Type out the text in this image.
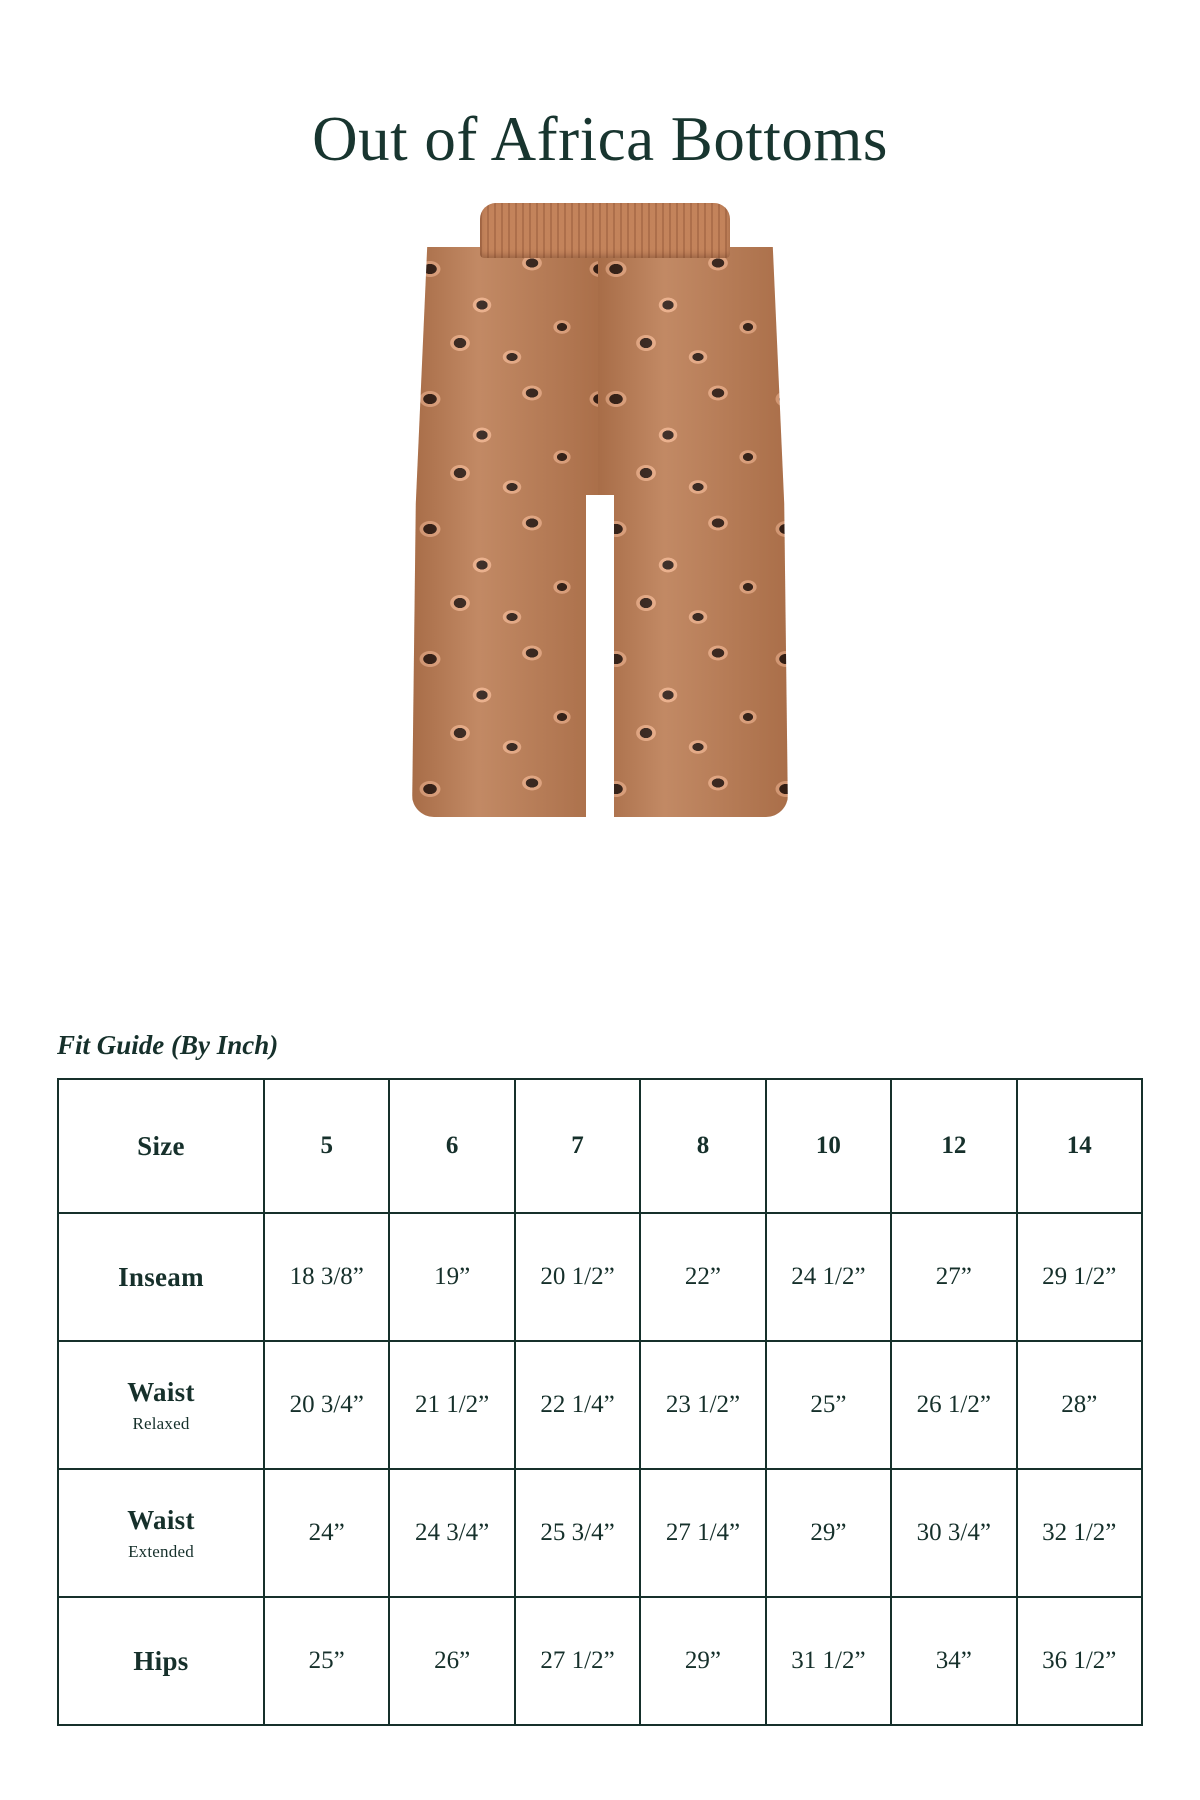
Out of Africa Bottoms
Fit Guide (By Inch)
Size	5	6	7	8	10	12	14
Inseam	18 3/8”	19”	20 1/2”	22”	24 1/2”	27”	29 1/2”
Waist
Relaxed	20 3/4”	21 1/2”	22 1/4”	23 1/2”	25”	26 1/2”	28”
Waist
Extended	24”	24 3/4”	25 3/4”	27 1/4”	29”	30 3/4”	32 1/2”
Hips	25”	26”	27 1/2”	29”	31 1/2”	34”	36 1/2”
